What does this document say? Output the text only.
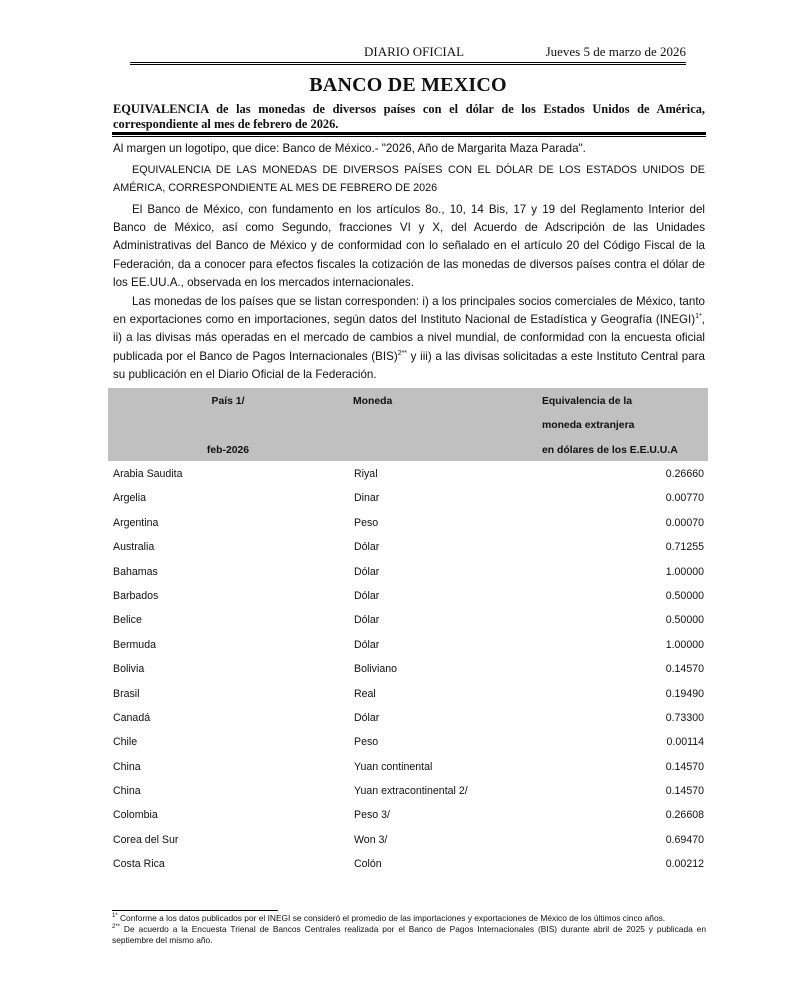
DIARIO OFICIAL	Jueves 5 de marzo de 2026
BANCO DE MEXICO
EQUIVALENCIA de las monedas de diversos países con el dólar de los Estados Unidos de América, correspondiente al mes de febrero de 2026.
Al margen un logotipo, que dice: Banco de México.- "2026, Año de Margarita Maza Parada".
EQUIVALENCIA DE LAS MONEDAS DE DIVERSOS PAÍSES CON EL DÓLAR DE LOS ESTADOS UNIDOS DE AMÉRICA, CORRESPONDIENTE AL MES DE FEBRERO DE 2026
El Banco de México, con fundamento en los artículos 8o., 10, 14 Bis, 17 y 19 del Reglamento Interior del Banco de México, así como Segundo, fracciones VI y X, del Acuerdo de Adscripción de las Unidades Administrativas del Banco de México y de conformidad con lo señalado en el artículo 20 del Código Fiscal de la Federación, da a conocer para efectos fiscales la cotización de las monedas de diversos países contra el dólar de los EE.UU.A., observada en los mercados internacionales.
Las monedas de los países que se listan corresponden: i) a los principales socios comerciales de México, tanto en exportaciones como en importaciones, según datos del Instituto Nacional de Estadística y Geografía (INEGI)$^{1*}$, ii) a las divisas más operadas en el mercado de cambios a nivel mundial, de conformidad con la encuesta oficial publicada por el Banco de Pagos Internacionales (BIS)$^{2**}$ y iii) a las divisas solicitadas a este Instituto Central para su publicación en el Diario Oficial de la Federación.
País 1/
feb-2026
Moneda	Equivalencia de la
moneda extranjera
en dólares de los E.E.U.U.A
Arabia Saudita	Riyal	0.26660
Argelia	Dinar	0.00770
Argentina	Peso	0.00070
Australia	Dólar	0.71255
Bahamas	Dólar	1.00000
Barbados	Dólar	0.50000
Belice	Dólar	0.50000
Bermuda	Dólar	1.00000
Bolivia	Boliviano	0.14570
Brasil	Real	0.19490
Canadá	Dólar	0.73300
Chile	Peso	0.00114
China	Yuan continental	0.14570
China	Yuan extracontinental 2/	0.14570
Colombia	Peso 3/	0.26608
Corea del Sur	Won 3/	0.69470
Costa Rica	Colón	0.00212

$^{1*}$ Conforme a los datos publicados por el INEGI se consideró el promedio de las importaciones y exportaciones de México de los últimos cinco años.

$^{2**}$ De acuerdo a la Encuesta Trienal de Bancos Centrales realizada por el Banco de Pagos Internacionales (BIS) durante abril de 2025 y publicada en septiembre del mismo año.
